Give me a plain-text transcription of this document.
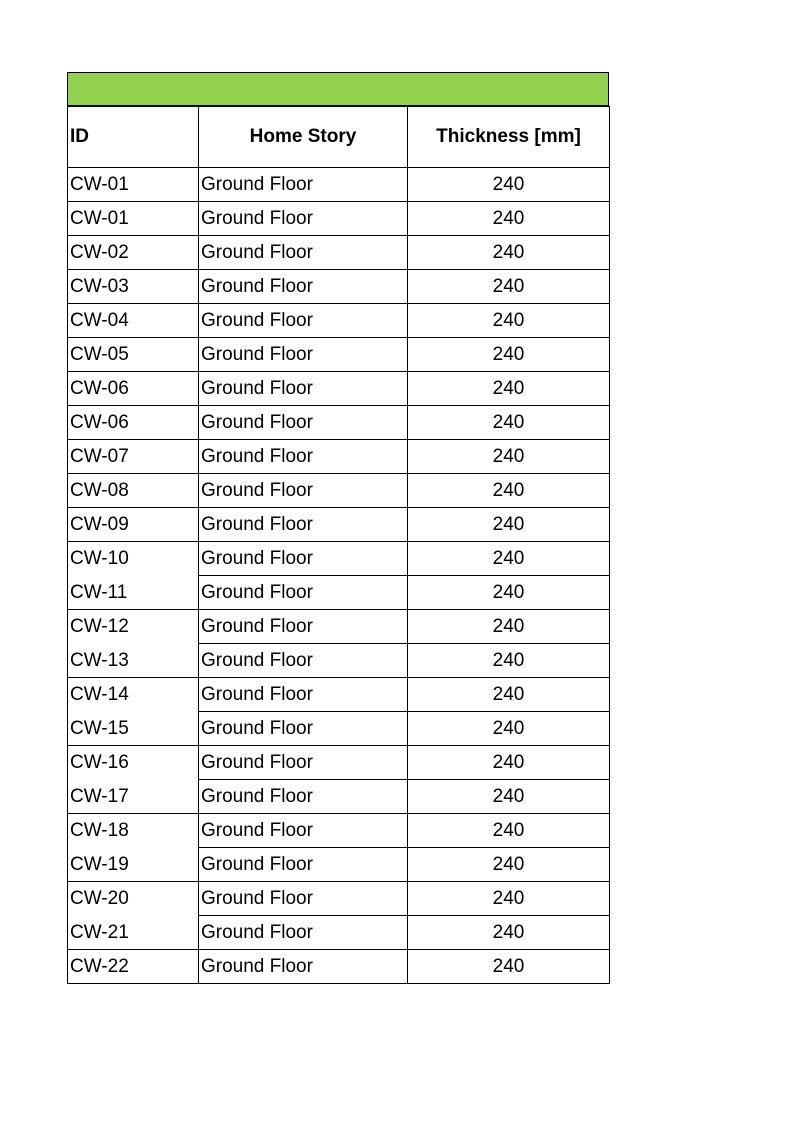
ID	Home Story	Thickness [mm]
CW-01	Ground Floor	240
CW-01	Ground Floor	240
CW-02	Ground Floor	240
CW-03	Ground Floor	240
CW-04	Ground Floor	240
CW-05	Ground Floor	240
CW-06	Ground Floor	240
CW-06	Ground Floor	240
CW-07	Ground Floor	240
CW-08	Ground Floor	240
CW-09	Ground Floor	240
CW-10	Ground Floor	240
CW-11	Ground Floor	240
CW-12	Ground Floor	240
CW-13	Ground Floor	240
CW-14	Ground Floor	240
CW-15	Ground Floor	240
CW-16	Ground Floor	240
CW-17	Ground Floor	240
CW-18	Ground Floor	240
CW-19	Ground Floor	240
CW-20	Ground Floor	240
CW-21	Ground Floor	240
CW-22	Ground Floor	240
